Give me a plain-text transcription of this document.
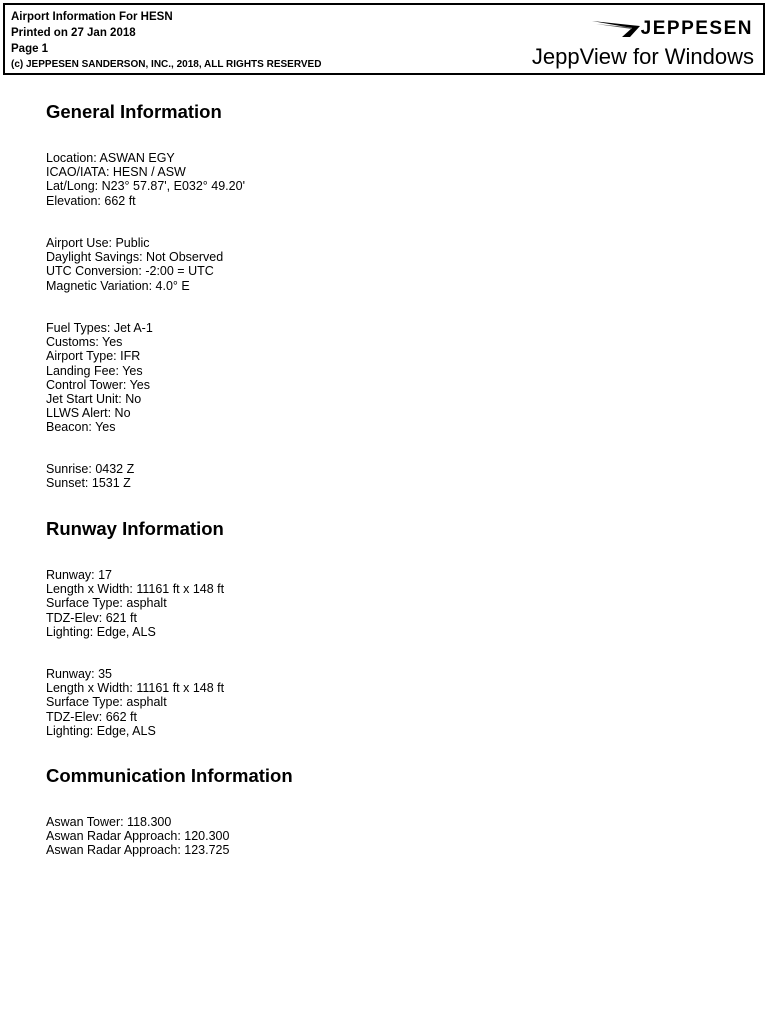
Airport Information For HESN
Printed on 27 Jan 2018
Page 1
(c) JEPPESEN SANDERSON, INC., 2018, ALL RIGHTS RESERVED
JEPPESEN
JeppView for Windows
General Information
Location: ASWAN EGY
ICAO/IATA: HESN / ASW
Lat/Long: N23° 57.87', E032° 49.20'
Elevation: 662 ft
Airport Use: Public
Daylight Savings: Not Observed
UTC Conversion: -2:00 = UTC
Magnetic Variation: 4.0° E
Fuel Types: Jet A-1
Customs: Yes
Airport Type: IFR
Landing Fee: Yes
Control Tower: Yes
Jet Start Unit: No
LLWS Alert: No
Beacon: Yes
Sunrise: 0432 Z
Sunset: 1531 Z
Runway Information
Runway: 17
Length x Width: 11161 ft x 148 ft
Surface Type: asphalt
TDZ-Elev: 621 ft
Lighting: Edge, ALS
Runway: 35
Length x Width: 11161 ft x 148 ft
Surface Type: asphalt
TDZ-Elev: 662 ft
Lighting: Edge, ALS
Communication Information
Aswan Tower: 118.300
Aswan Radar Approach: 120.300
Aswan Radar Approach: 123.725
